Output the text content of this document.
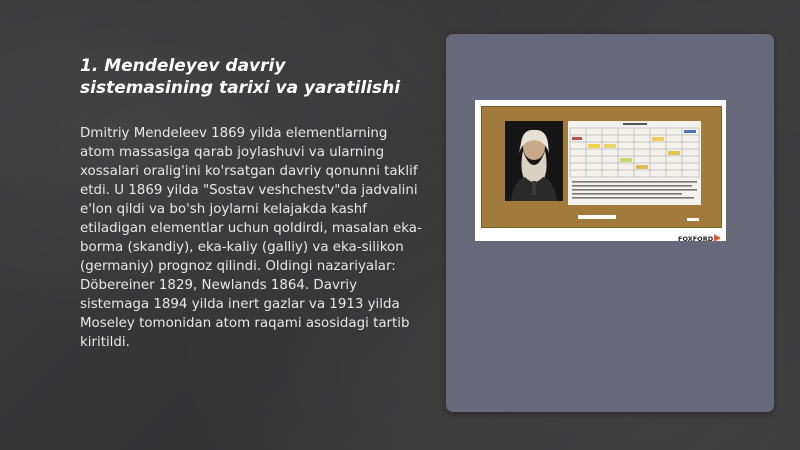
1. Mendeleyev davriy sistemasining tarixi va yaratilishi
Dmitriy Mendeleev 1869 yilda elementlarning atom massasiga qarab joylashuvi va ularning xossalari oralig'ini ko'rsatgan davriy qonunni taklif etdi. U 1869 yilda "Sostav veshchestv"da jadvalini e'lon qildi va bo'sh joylarni kelajakda kashf etiladigan elementlar uchun qoldirdi, masalan eka-borma (skandiy), eka-kaliy (galliy) va eka-silikon (germaniy) prognoz qilindi. Oldingi nazariyalar: Döbereiner 1829, Newlands 1864. Davriy sistemaga 1894 yilda inert gazlar va 1913 yilda Moseley tomonidan atom raqami asosidagi tartib kiritildi.
FOXFORD
